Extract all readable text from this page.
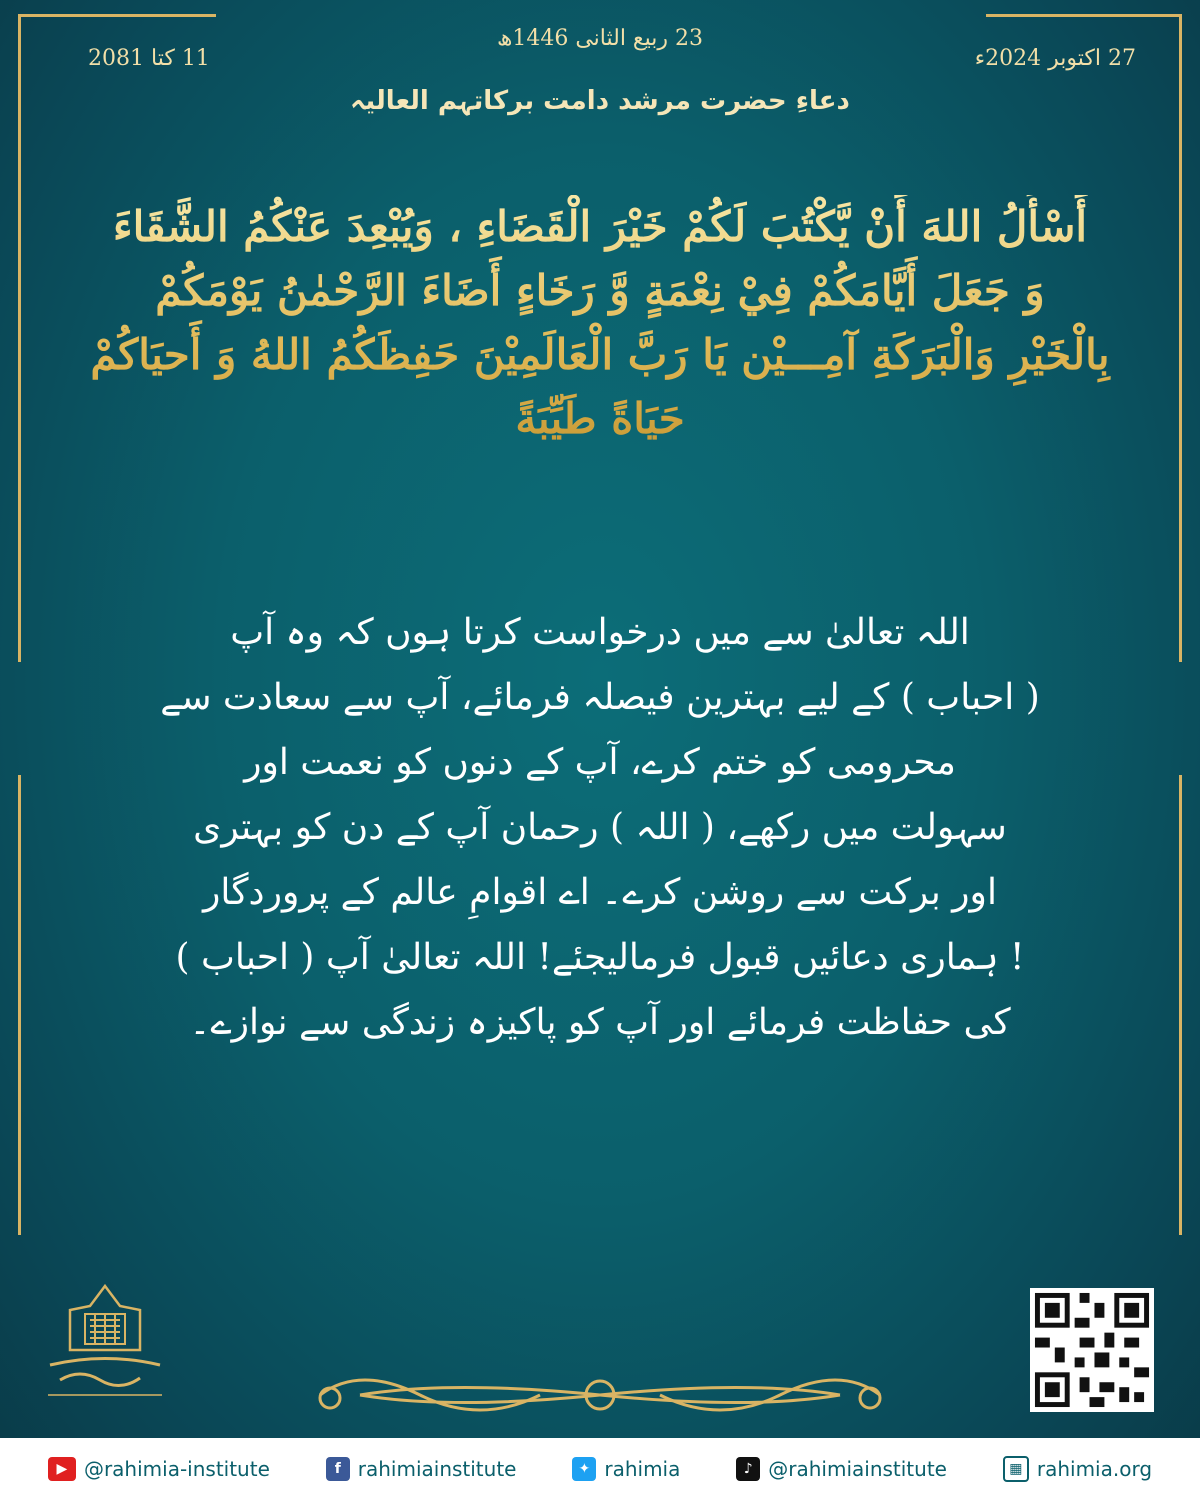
23 ربیع الثانی 1446ھ
11 کتا 2081	27 اکتوبر 2024ء
دعاءِ حضرت مرشد دامت برکاتہم العالیہ
أَسْأَلُ اللهَ أَنْ يَّكْتُبَ لَكُمْ خَيْرَ الْقَضَاءِ ، وَيُبْعِدَ عَنْكُمُ الشَّقَاءَ
وَ جَعَلَ أَيَّامَكُمْ فِيْ نِعْمَةٍ وَّ رَخَاءٍ أَضَاءَ الرَّحْمٰنُ يَوْمَكُمْ
بِالْخَيْرِ وَالْبَرَكَةِ آمِـــيْن يَا رَبَّ الْعَالَمِيْنَ حَفِظَكُمُ اللهُ وَ أَحيَاكُمْ
حَيَاةً طَيِّبَةً
اللہ تعالیٰ سے میں درخواست کرتا ہوں کہ وہ آپ
( احباب ) کے لیے بہترین فیصلہ فرمائے، آپ سے سعادت سے
محرومی کو ختم کرے، آپ کے دنوں کو نعمت اور
سہولت میں رکھے، ( اللہ ) رحمان آپ کے دن کو بہتری
اور برکت سے روشن کرے۔ اے اقوامِ عالم کے پروردگار
! ہماری دعائیں قبول فرمالیجئے! اللہ تعالیٰ آپ ( احباب )
کی حفاظت فرمائے اور آپ کو پاکیزہ زندگی سے نوازے۔
▶ @rahimia-institute	f rahimiainstitute	✦ rahimia	♪ @rahimiainstitute	▦ rahimia.org
